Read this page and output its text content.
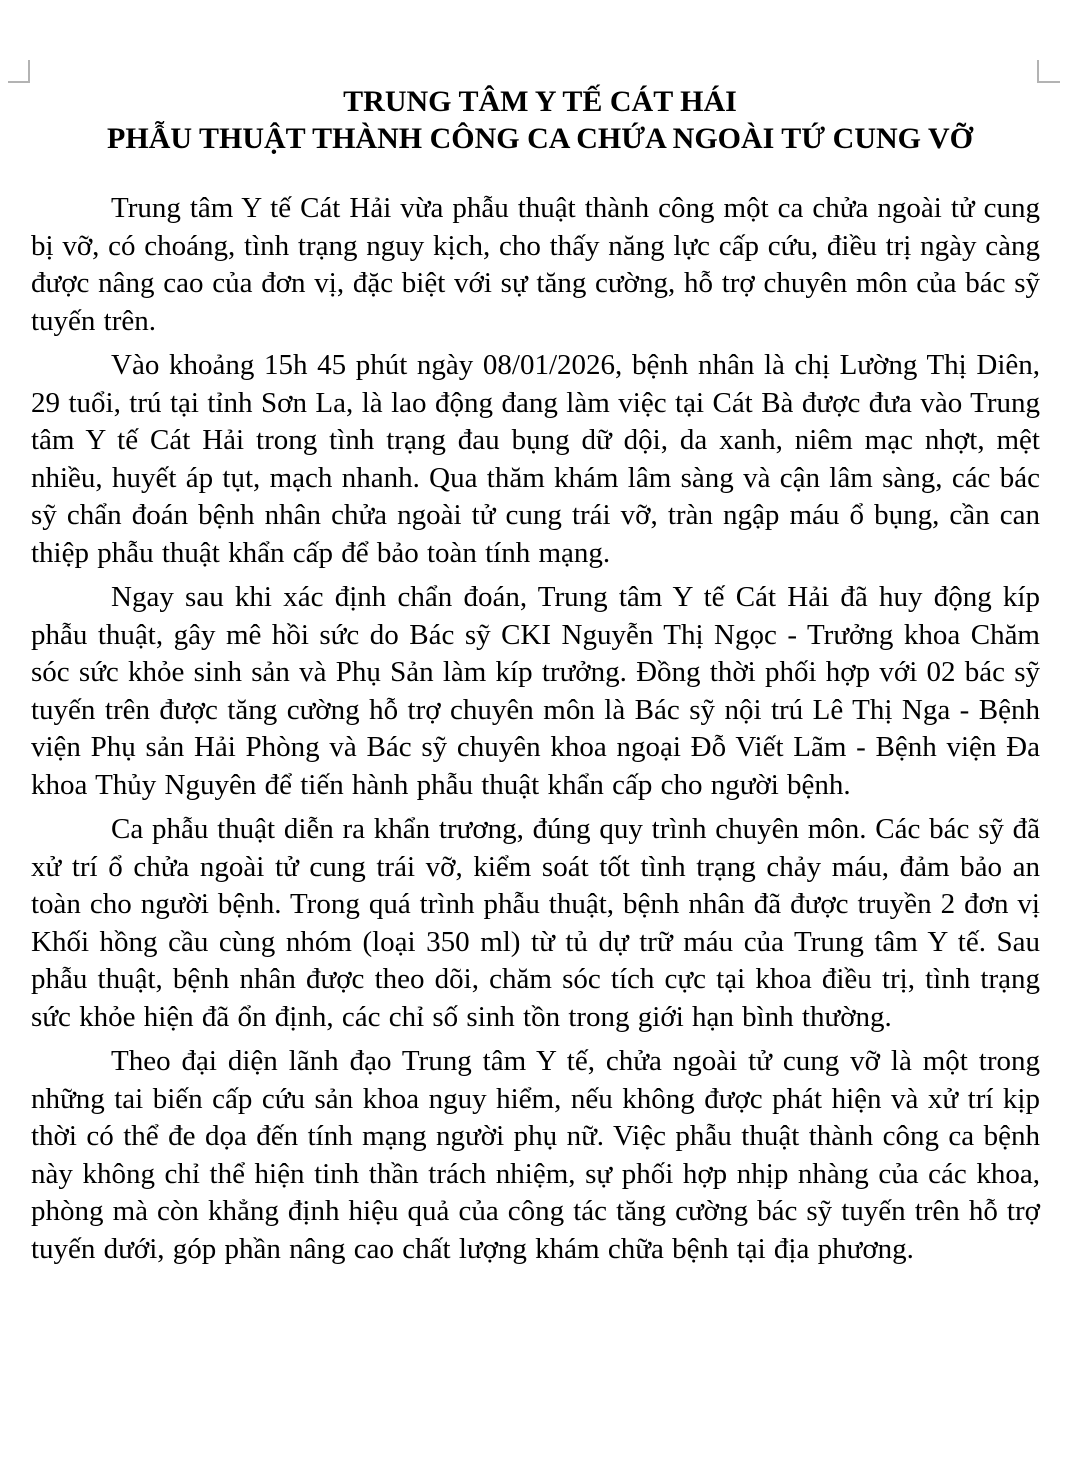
TRUNG TÂM Y TẾ CÁT HÁI
PHẪU THUẬT THÀNH CÔNG CA CHỨA NGOÀI TỨ CUNG VỠ

Trung tâm Y tế Cát Hải vừa phẫu thuật thành công một ca chửa ngoài tử cung bị vỡ, có choáng, tình trạng nguy kịch, cho thấy năng lực cấp cứu, điều trị ngày càng được nâng cao của đơn vị, đặc biệt với sự tăng cường, hỗ trợ chuyên môn của bác sỹ tuyến trên.

Vào khoảng 15h 45 phút ngày 08/01/2026, bệnh nhân là chị Lường Thị Diên, 29 tuổi, trú tại tỉnh Sơn La, là lao động đang làm việc tại Cát Bà được đưa vào Trung tâm Y tế Cát Hải trong tình trạng đau bụng dữ dội, da xanh, niêm mạc nhợt, mệt nhiều, huyết áp tụt, mạch nhanh. Qua thăm khám lâm sàng và cận lâm sàng, các bác sỹ chẩn đoán bệnh nhân chửa ngoài tử cung trái vỡ, tràn ngập máu ổ bụng, cần can thiệp phẫu thuật khẩn cấp để bảo toàn tính mạng.

Ngay sau khi xác định chẩn đoán, Trung tâm Y tế Cát Hải đã huy động kíp phẫu thuật, gây mê hồi sức do Bác sỹ CKI Nguyễn Thị Ngọc - Trưởng khoa Chăm sóc sức khỏe sinh sản và Phụ Sản làm kíp trưởng. Đồng thời phối hợp với 02 bác sỹ tuyến trên được tăng cường hỗ trợ chuyên môn là Bác sỹ nội trú Lê Thị Nga - Bệnh viện Phụ sản Hải Phòng và Bác sỹ chuyên khoa ngoại Đỗ Viết Lãm - Bệnh viện Đa khoa Thủy Nguyên để tiến hành phẫu thuật khẩn cấp cho người bệnh.

Ca phẫu thuật diễn ra khẩn trương, đúng quy trình chuyên môn. Các bác sỹ đã xử trí ổ chửa ngoài tử cung trái vỡ, kiểm soát tốt tình trạng chảy máu, đảm bảo an toàn cho người bệnh. Trong quá trình phẫu thuật, bệnh nhân đã được truyền 2 đơn vị Khối hồng cầu cùng nhóm (loại 350 ml) từ tủ dự trữ máu của Trung tâm Y tế. Sau phẫu thuật, bệnh nhân được theo dõi, chăm sóc tích cực tại khoa điều trị, tình trạng sức khỏe hiện đã ổn định, các chỉ số sinh tồn trong giới hạn bình thường.

Theo đại diện lãnh đạo Trung tâm Y tế, chửa ngoài tử cung vỡ là một trong những tai biến cấp cứu sản khoa nguy hiểm, nếu không được phát hiện và xử trí kịp thời có thể đe dọa đến tính mạng người phụ nữ. Việc phẫu thuật thành công ca bệnh này không chỉ thể hiện tinh thần trách nhiệm, sự phối hợp nhịp nhàng của các khoa, phòng mà còn khẳng định hiệu quả của công tác tăng cường bác sỹ tuyến trên hỗ trợ tuyến dưới, góp phần nâng cao chất lượng khám chữa bệnh tại địa phương.
